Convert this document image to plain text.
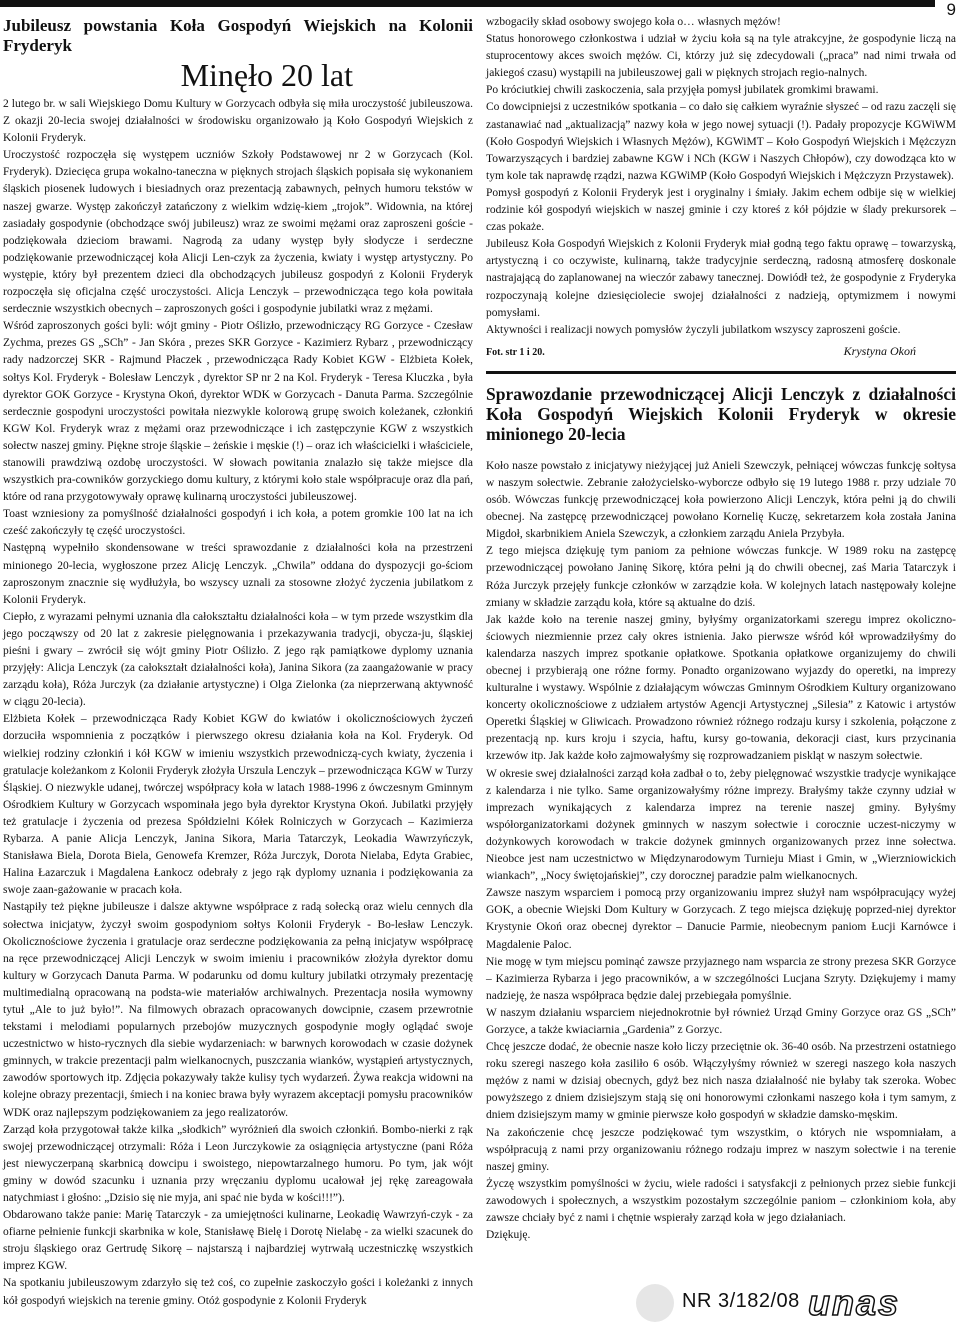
9
Jubileusz powstania Koła Gospodyń Wiejskich na Kolonii Fryderyk
Minęło 20 lat

2 lutego br. w sali Wiejskiego Domu Kultury w Gorzycach odbyła się miła uroczystość jubileuszowa. Z okazji 20-lecia swojej działalności w środowisku organizowało ją Koło Gospodyń Wiejskich z Kolonii Fryderyk.

Uroczystość rozpoczęła się występem uczniów Szkoły Podstawowej nr 2 w Gorzycach (Kol. Fryderyk). Dziecięca grupa wokalno-taneczna w pięknych strojach śląskich popisała się wykonaniem śląskich piosenek ludowych i biesiadnych oraz prezentacją zabawnych, pełnych humoru tekstów w naszej gwarze. Występ zakończył zatańczony z wielkim wdzię-kiem „trojok”. Widownia, na której zasiadały gospodynie (obchodzące swój jubileusz) wraz ze swoimi mężami oraz zaproszeni goście - podziękowała dzieciom brawami. Nagrodą za udany występ były słodycze i serdeczne podziękowanie przewodniczącej koła Alicji Len-czyk za życzenia, kwiaty i występ artystyczny. Po występie, który był prezentem dzieci dla obchodzących jubileusz gospodyń z Kolonii Fryderyk rozpoczęła się oficjalna część uroczystości. Alicja Lenczyk – przewodnicząca tego koła powitała serdecznie wszystkich obecnych – zaproszonych gości i gospodynie jubilatki wraz z mężami.

Wśród zaproszonych gości byli: wójt gminy - Piotr Oślizło, przewodniczący RG Gorzyce - Czesław Zychma, prezes GS „SCh” - Jan Skóra , prezes SKR Gorzyce - Kazimierz Rybarz , przewodniczący rady nadzorczej SKR - Rajmund Płaczek , przewodnicząca Rady Kobiet KGW - Elżbieta Kołek, sołtys Kol. Fryderyk - Bolesław Lenczyk , dyrektor SP nr 2 na Kol. Fryderyk - Teresa Kluczka , była dyrektor GOK Gorzyce - Krystyna Okoń, dyrektor WDK w Gorzycach - Danuta Parma. Szczególnie serdecznie gospodyni uroczystości powitała niezwykle kolorową grupę swoich koleżanek, członkiń KGW Kol. Fryderyk wraz z mężami oraz przewodniczące i ich zastępczynie KGW z wszystkich sołectw naszej gminy. Piękne stroje śląskie – żeńskie i męskie (!) – oraz ich właścicielki i właściciele, stanowili prawdziwą ozdobę uroczystości. W słowach powitania znalazło się także miejsce dla wszystkich pra-cowników gorzyckiego domu kultury, z którymi koło stale współpracuje oraz dla pań, które od rana przygotowywały oprawę kulinarną uroczystości jubileuszowej.

Toast wzniesiony za pomyślność działalności gospodyń i ich koła, a potem gromkie 100 lat na ich cześć zakończyły tę część uroczystości.

Następną wypełniło skondensowane w treści sprawozdanie z działalności koła na przestrzeni minionego 20-lecia, wygłoszone przez Alicję Lenczyk. „Chwila” oddana do dyspozycji go-ściom zaproszonym znacznie się wydłużyła, bo wszyscy uznali za stosowne złożyć życzenia jubilatkom z Kolonii Fryderyk.

Ciepło, z wyrazami pełnymi uznania dla całokształtu działalności koła – w tym przede wszystkim dla jego począwszy od 20 lat z zakresie pielęgnowania i przekazywania tradycji, obycza-ju, śląskiej pieśni i gwary – zwrócił się wójt gminy Piotr Oślizło. Z jego rąk pamiątkowe dyplomy uznania przyjęły: Alicja Lenczyk (za całokształt działalności koła), Janina Sikora (za zaangażowanie w pracy zarządu koła), Róża Jurczyk (za działanie artystyczne) i Olga Zielonka (za nieprzerwaną aktywność w ciągu 20-lecia).

Elżbieta Kołek – przewodnicząca Rady Kobiet KGW do kwiatów i okolicznościowych życzeń dorzuciła wspomnienia z początków i pierwszego okresu działania koła na Kol. Fryderyk. Od wielkiej rodziny członkiń i kół KGW w imieniu wszystkich przewodniczą-cych kwiaty, życzenia i gratulacje koleżankom z Kolonii Fryderyk złożyła Urszula Lenczyk – przewodnicząca KGW w Turzy Śląskiej. O niezwykle udanej, twórczej współpracy koła w latach 1988-1996 z ówczesnym Gminnym Ośrodkiem Kultury w Gorzycach wspominała jego była dyrektor Krystyna Okoń. Jubilatki przyjęły też gratulacje i życzenia od prezesa Spółdzielni Kółek Rolniczych w Gorzycach – Kazimierza Rybarza. A panie Alicja Lenczyk, Janina Sikora, Maria Tatarczyk, Leokadia Wawrzyńczyk, Stanisława Biela, Dorota Biela, Genowefa Kremzer, Róża Jurczyk, Dorota Nielaba, Edyta Grabiec, Halina Łazarczuk i Magdalena Łankocz odebrały z jego rąk dyplomy uznania i podziękowania za swoje zaan-gażowanie w pracach koła.

Nastąpiły też piękne jubileusze i dalsze aktywne współprace z radą sołecką oraz wielu cennych dla sołectwa inicjatyw, życzył swoim gospodyniom sołtys Kolonii Fryderyk - Bo-lesław Lenczyk. Okolicznościowe życzenia i gratulacje oraz serdeczne podziękowania za pełną inicjatyw współpracę na ręce przewodniczącej Alicji Lenczyk w swoim imieniu i pracowników złożyła dyrektor domu kultury w Gorzycach Danuta Parma. W podarunku od domu kultury jubilatki otrzymały prezentację multimedialną opracowaną na podsta-wie materiałów archiwalnych. Prezentacja nosiła wymowny tytuł „Ale to już było!”. Na filmowych obrazach opracowanych dowcipnie, czasem przewrotnie tekstami i melodiami popularnych przebojów muzycznych gospodynie mogły oglądać swoje uczestnictwo w histo-rycznych dla siebie wydarzeniach: w barwnych korowodach w czasie dożynek gminnych, w trakcie prezentacji palm wielkanocnych, puszczania wianków, wystąpień artystycznych, zawodów sportowych itp. Zdjęcia pokazywały także kulisy tych wydarzeń. Żywa reakcja widowni na kolejne obrazy prezentacji, śmiech i na koniec brawa były wyrazem akceptacji pomysłu pracowników WDK oraz najlepszym podziękowaniem za jego realizatorów.

Zarząd koła przygotował także kilka „słodkich” wyróżnień dla swoich członkiń. Bombo-nierki z rąk swojej przewodniczącej otrzymali: Róża i Leon Jurczykowie za osiągnięcia artystyczne (pani Róża jest niewyczerpaną skarbnicą dowcipu i swoistego, niepowtarzalnego humoru. Po tym, jak wójt gminy w dowód szacunku i uznania przy wręczaniu dyplomu ucałował jej rękę zareagowała natychmiast i głośno: „Dzisio się nie myja, ani spać nie byda w kości!!!”).

Obdarowano także panie: Marię Tatarczyk - za umiejętności kulinarne, Leokadię Wawrzyń-czyk - za ofiarne pełnienie funkcji skarbnika w kole, Stanisławę Bielę i Dorotę Nielabę - za wielki szacunek do stroju śląskiego oraz Gertrudę Sikorę – najstarszą i najbardziej wytrwałą uczestniczkę wszystkich imprez KGW.

Na spotkaniu jubileuszowym zdarzyło się też coś, co zupełnie zaskoczyło gości i koleżanki z innych kół gospodyń wiejskich na terenie gminy. Otóż gospodynie z Kolonii Fryderyk

wzbogaciły skład osobowy swojego koła o… własnych mężów!

Status honorowego członkostwa i udział w życiu koła są na tyle atrakcyjne, że gospodynie liczą na stuprocentowy akces swoich mężów. Ci, którzy już się zdecydowali („praca” nad nimi trwała od jakiegoś czasu) wystąpili na jubileuszowej gali w pięknych strojach regio-nalnych.

Po króciutkiej chwili zaskoczenia, sala przyjęła pomysł jubilatek gromkimi brawami.

Co dowcipniejsi z uczestników spotkania – co dało się całkiem wyraźnie słyszeć – od razu zaczęli się zastanawiać nad „aktualizacją” nazwy koła w jego nowej sytuacji (!). Padały propozycje KGWiWM (Koło Gospodyń Wiejskich i Własnych Mężów), KGWiMT – Koło Gospodyń Wiejskich i Mężczyzn Towarzyszących i bardziej zabawne KGW i NCh (KGW i Naszych Chłopów), czy dowodząca kto w tym kole tak naprawdę rządzi, nazwa KGWiMP (Koło Gospodyń Wiejskich i Mężczyzn Przystawek).

Pomysł gospodyń z Kolonii Fryderyk jest i oryginalny i śmiały. Jakim echem odbije się w wielkiej rodzinie kół gospodyń wiejskich w naszej gminie i czy ktoreś z kół pójdzie w ślady prekursorek – czas pokaże.

Jubileusz Koła Gospodyń Wiejskich z Kolonii Fryderyk miał godną tego faktu oprawę – towarzyską, artystyczną i co oczywiste, kulinarną, także tradycyjnie serdeczną, radosną atmosferę doskonale nastrajającą do zaplanowanej na wieczór zabawy tanecznej. Dowiódł też, że gospodynie z Fryderyka rozpoczynają kolejne dziesięciolecie swojej działalności z nadzieją, optymizmem i nowymi pomysłami.

Aktywności i realizacji nowych pomysłów życzyli jubilatkom wszyscy zaproszeni goście.

Fot. str 1 i 20.	Krystyna Okoń
Sprawozdanie przewodniczącej Alicji Lenczyk z działalności Koła Gospodyń Wiejskich Kolonii Fryderyk w okresie minionego 20-lecia

Koło nasze powstało z inicjatywy nieżyjącej już Anieli Szewczyk, pełniącej wówczas funkcję sołtysa w naszym sołectwie. Zebranie założycielsko-wyborcze odbyło się 19 lutego 1988 r. przy udziale 70 osób. Wówczas funkcję przewodniczącej koła powierzono Alicji Lenczyk, która pełni ją do chwili obecnej. Na zastępcę przewodniczącej powołano Kornelię Kuczę, sekretarzem koła została Janina Migdoł, skarbnikiem Aniela Szewczyk, a członkiem zarządu Aniela Przybyła.

Z tego miejsca dziękuję tym paniom za pełnione wówczas funkcje. W 1989 roku na zastępcę przewodniczącej powołano Janinę Sikorę, która pełni ją do chwili obecnej, zaś Maria Tatarczyk i Róża Jurczyk przejęły funkcje członków w zarządzie koła. W kolejnych latach następowały kolejne zmiany w składzie zarządu koła, które są aktualne do dziś.

Jak każde koło na terenie naszej gminy, byłyśmy organizatorkami szeregu imprez okoliczno-ściowych niezmiennie przez cały okres istnienia. Jako pierwsze wśród kół wprowadziłyśmy do kalendarza naszych imprez spotkanie opłatkowe. Spotkania opłatkowe organizujemy do chwili obecnej i przybierają one różne formy. Ponadto organizowano wyjazdy do operetki, na imprezy kulturalne i wystawy. Wspólnie z działającym wówczas Gminnym Ośrodkiem Kultury organizowano koncerty okolicznościowe z udziałem artystów Agencji Artystycznej „Silesia” z Katowic i artystów Operetki Śląskiej w Gliwicach. Prowadzono również różnego rodzaju kursy i szkolenia, połączone z prezentacją np. kurs kroju i szycia, haftu, kursy go-towania, dekoracji ciast, kurs przycinania krzewów itp. Jak każde koło zajmowałyśmy się rozprowadzaniem piskląt w naszym sołectwie.

W okresie swej działalności zarząd koła zadbał o to, żeby pielęgnować wszystkie tradycje wynikające z kalendarza i nie tylko. Same organizowałyśmy różne imprezy. Brałyśmy także czynny udział w imprezach wynikających z kalendarza imprez na terenie naszej gminy. Byłyśmy współorganizatorkami dożynek gminnych w naszym sołectwie i corocznie uczest-niczymy w dożynkowych korowodach w trakcie dożynek gminnych organizowanych przez inne sołectwa. Nieobce jest nam uczestnictwo w Międzynarodowym Turnieju Miast i Gmin, w „Wierzniowickich wiankach”, „Nocy świętojańskiej”, czy dorocznej paradzie palm wielkanocnych.

Zawsze naszym wsparciem i pomocą przy organizowaniu imprez służył nam współpracujący wyżej GOK, a obecnie Wiejski Dom Kultury w Gorzycach. Z tego miejsca dziękuję poprzed-niej dyrektor Krystynie Okoń oraz obecnej dyrektor – Danucie Parmie, nieobecnym paniom Łucji Karnówce i Magdalenie Paloc.

Nie mogę w tym miejscu pominąć zawsze przyjaznego nam wsparcia ze strony prezesa SKR Gorzyce – Kazimierza Rybarza i jego pracowników, a w szczególności Lucjana Szryty. Dziękujemy i mamy nadzieję, że nasza współpraca będzie dalej przebiegała pomyślnie.

W naszym działaniu wsparciem niejednokrotnie był również Urząd Gminy Gorzyce oraz GS „SCh” Gorzyce, a także kwiaciarnia „Gardenia” z Gorzyc.

Chcę jeszcze dodać, że obecnie nasze koło liczy przeciętnie ok. 36-40 osób. Na przestrzeni ostatniego roku szeregi naszego koła zasiliło 6 osób. Włączyłyśmy również w szeregi naszego koła naszych mężów z nami w dzisiaj obecnych, gdyż bez nich nasza działalność nie byłaby tak szeroka. Wobec powyższego z dniem dzisiejszym stają się oni honorowymi członkami naszego koła i tym samym, z dniem dzisiejszym mamy w gminie pierwsze koło gospodyń w składzie damsko-męskim.

Na zakończenie chcę jeszcze podziękować tym wszystkim, o których nie wspomniałam, a współpracują z nami przy organizowaniu różnego rodzaju imprez w naszym sołectwie i na terenie naszej gminy.

Życzę wszystkim pomyślności w życiu, wiele radości i satysfakcji z pełnionych przez siebie funkcji zawodowych i społecznych, a wszystkim pozostałym szczególnie paniom – członkiniom koła, aby zawsze chciały być z nami i chętnie wspierały zarząd koła w jego działaniach.

Dziękuję.

NR 3/182/08 unas
